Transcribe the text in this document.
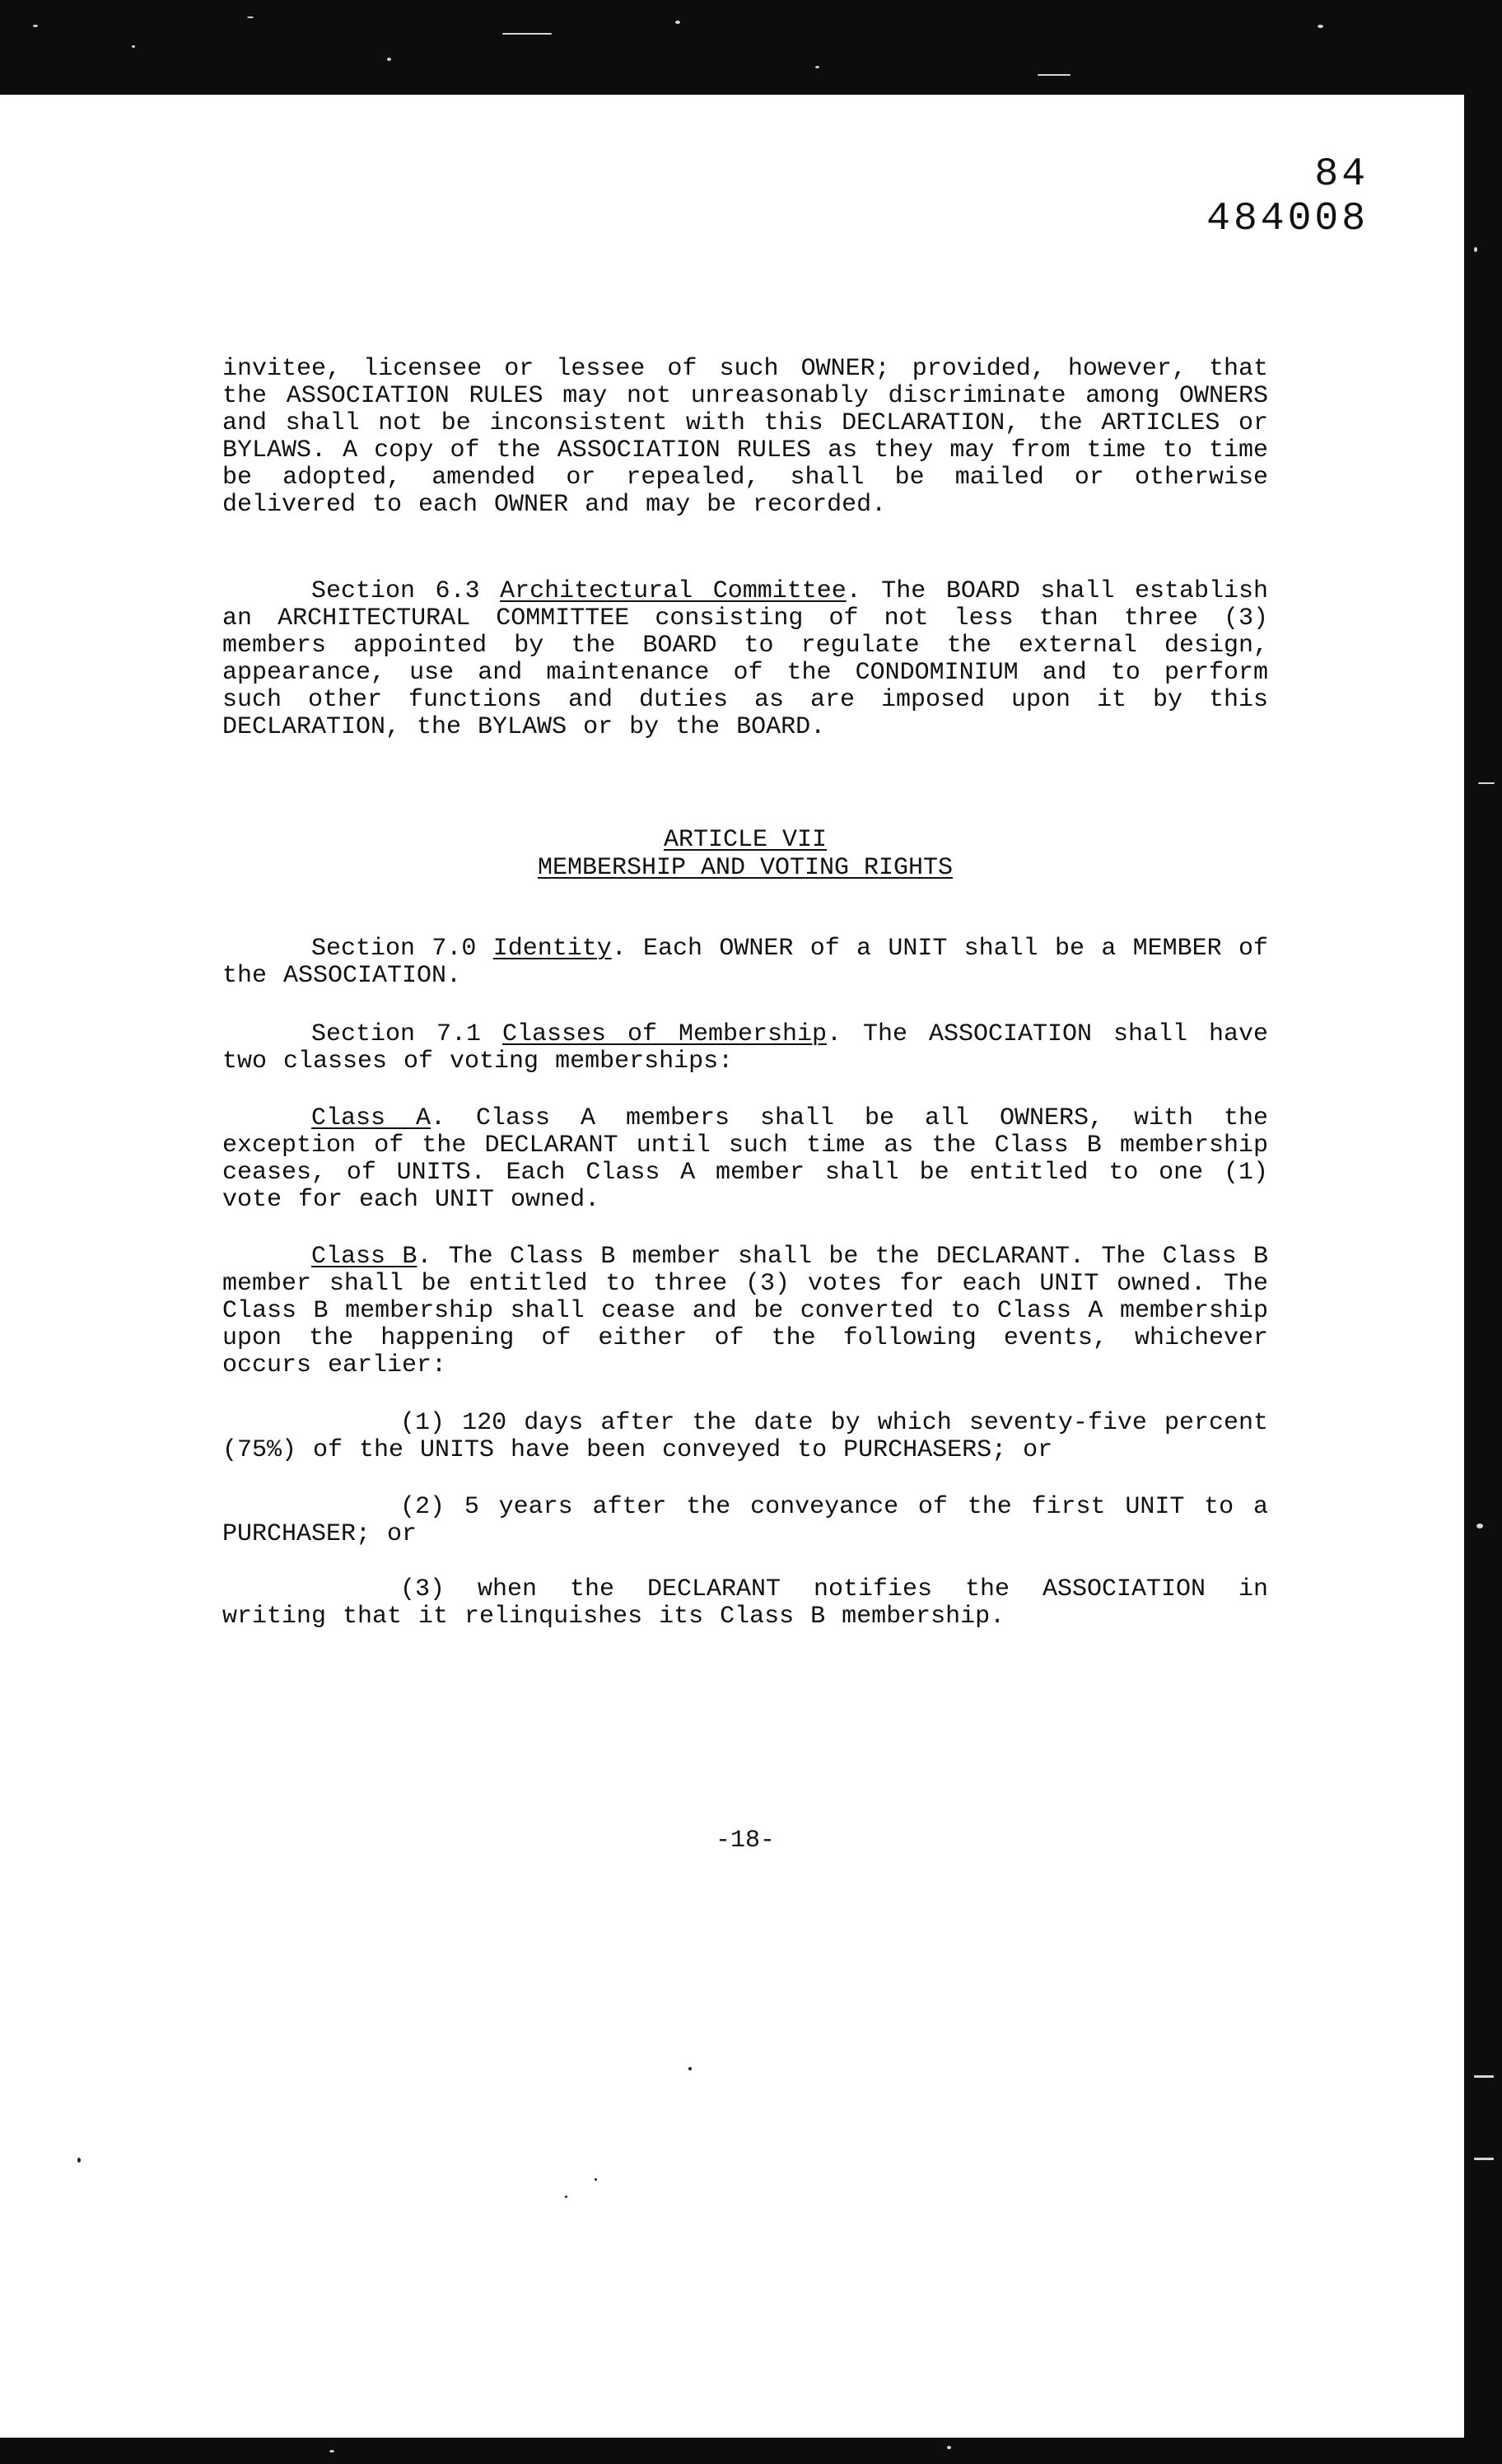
84 484008

invitee, licensee or lessee of such OWNER; provided, however, that the ASSOCIATION RULES may not unreasonably discriminate among OWNERS and shall not be inconsistent with this DECLARATION, the ARTICLES or BYLAWS. A copy of the ASSOCIATION RULES as they may from time to time be adopted, amended or repealed, shall be mailed or otherwise delivered to each OWNER and may be recorded.

Section 6.3 Architectural Committee. The BOARD shall establish an ARCHITECTURAL COMMITTEE consisting of not less than three (3) members appointed by the BOARD to regulate the external design, appearance, use and maintenance of the CONDOMINIUM and to perform such other functions and duties as are imposed upon it by this DECLARATION, the BYLAWS or by the BOARD.

ARTICLE VII
MEMBERSHIP AND VOTING RIGHTS

Section 7.0 Identity. Each OWNER of a UNIT shall be a MEMBER of the ASSOCIATION.

Section 7.1 Classes of Membership. The ASSOCIATION shall have two classes of voting memberships:

Class A. Class A members shall be all OWNERS, with the exception of the DECLARANT until such time as the Class B membership ceases, of UNITS. Each Class A member shall be entitled to one (1) vote for each UNIT owned.

Class B. The Class B member shall be the DECLARANT. The Class B member shall be entitled to three (3) votes for each UNIT owned. The Class B membership shall cease and be converted to Class A membership upon the happening of either of the following events, whichever occurs earlier:

(1) 120 days after the date by which seventy-five percent (75%) of the UNITS have been conveyed to PURCHASERS; or

(2) 5 years after the conveyance of the first UNIT to a PURCHASER; or

(3) when the DECLARANT notifies the ASSOCIATION in writing that it relinquishes its Class B membership.

-18-
